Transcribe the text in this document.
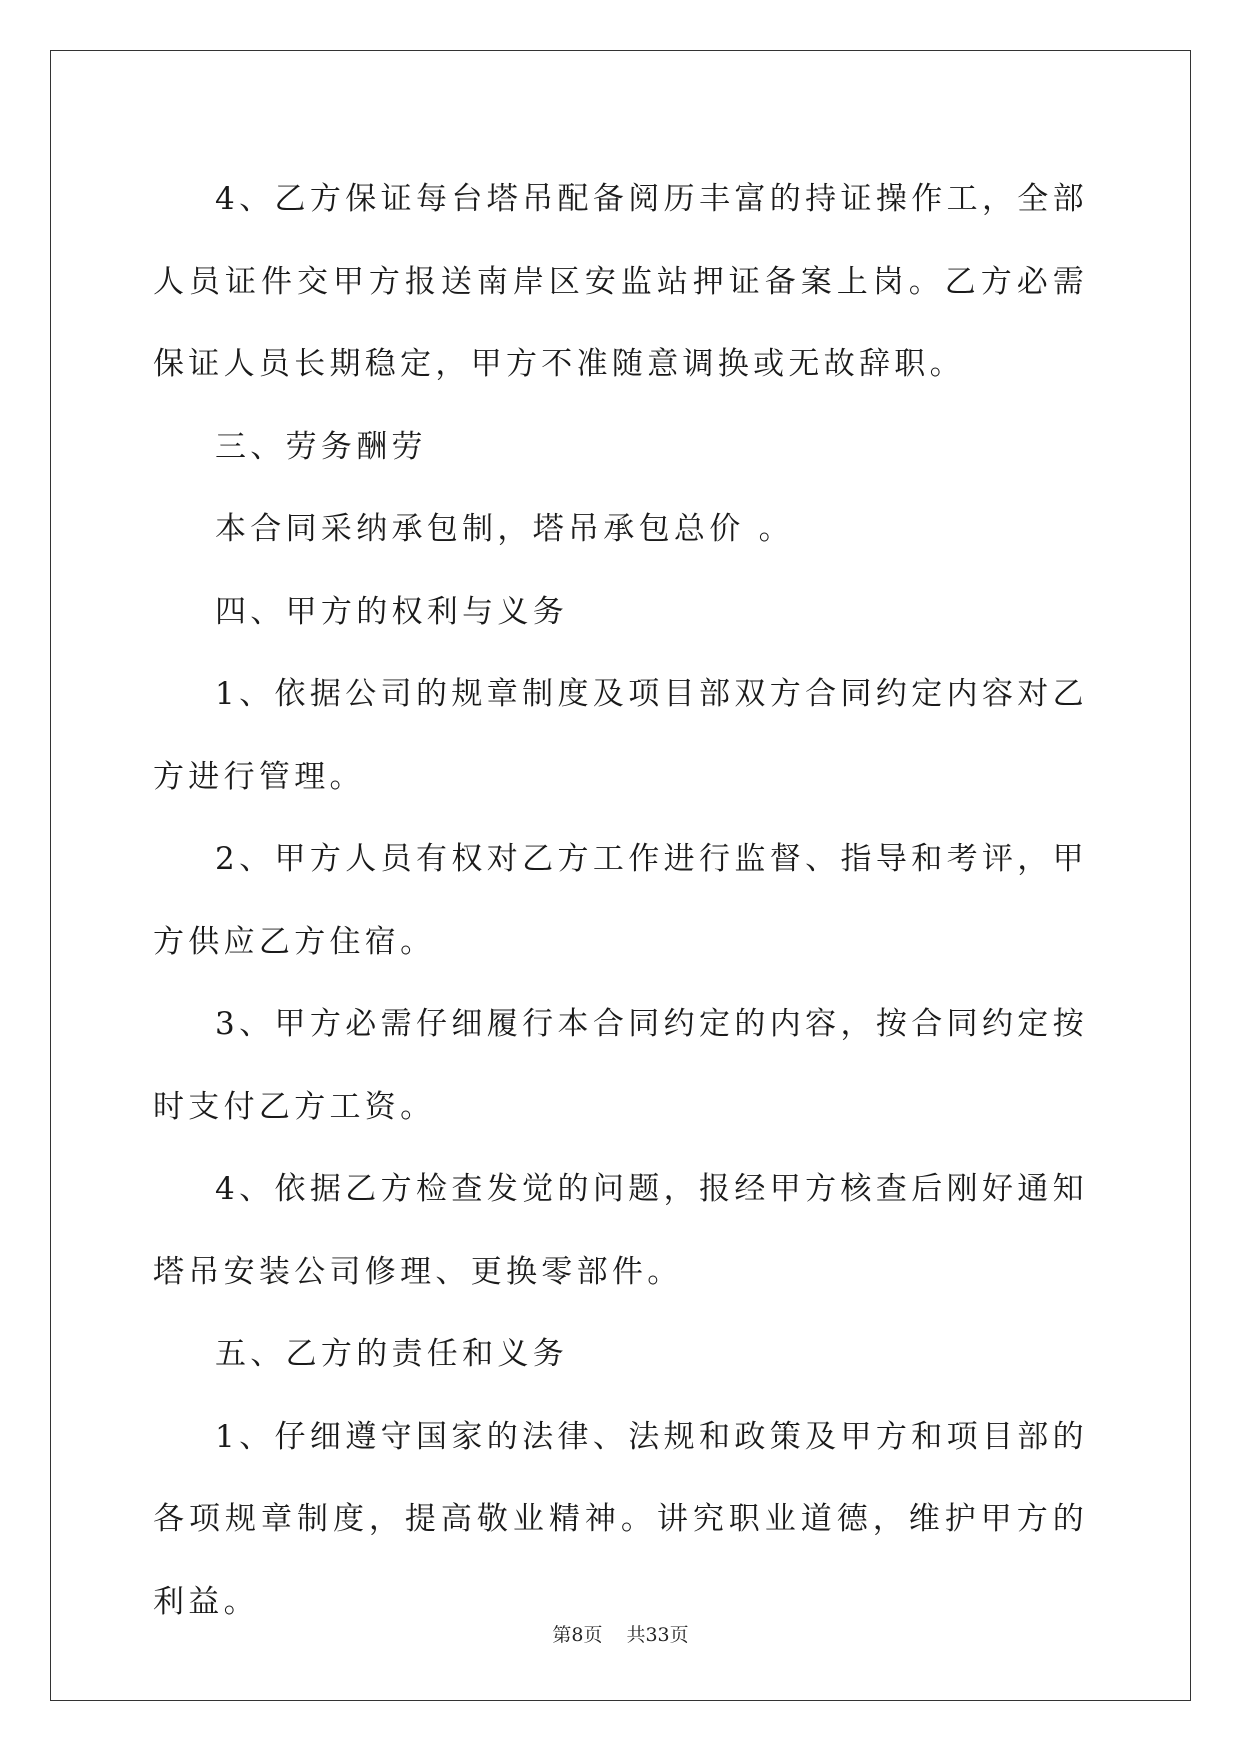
4、乙方保证每台塔吊配备阅历丰富的持证操作工，全部人员证件交甲方报送南岸区安监站押证备案上岗。乙方必需保证人员长期稳定，甲方不准随意调换或无故辞职。

三、劳务酬劳

本合同采纳承包制，塔吊承包总价 。

四、甲方的权利与义务

1、依据公司的规章制度及项目部双方合同约定内容对乙方进行管理。

2、甲方人员有权对乙方工作进行监督、指导和考评，甲方供应乙方住宿。

3、甲方必需仔细履行本合同约定的内容，按合同约定按时支付乙方工资。

4、依据乙方检查发觉的问题，报经甲方核查后刚好通知塔吊安装公司修理、更换零部件。

五、乙方的责任和义务

1、仔细遵守国家的法律、法规和政策及甲方和项目部的各项规章制度，提高敬业精神。讲究职业道德，维护甲方的利益。

第8页 共33页
